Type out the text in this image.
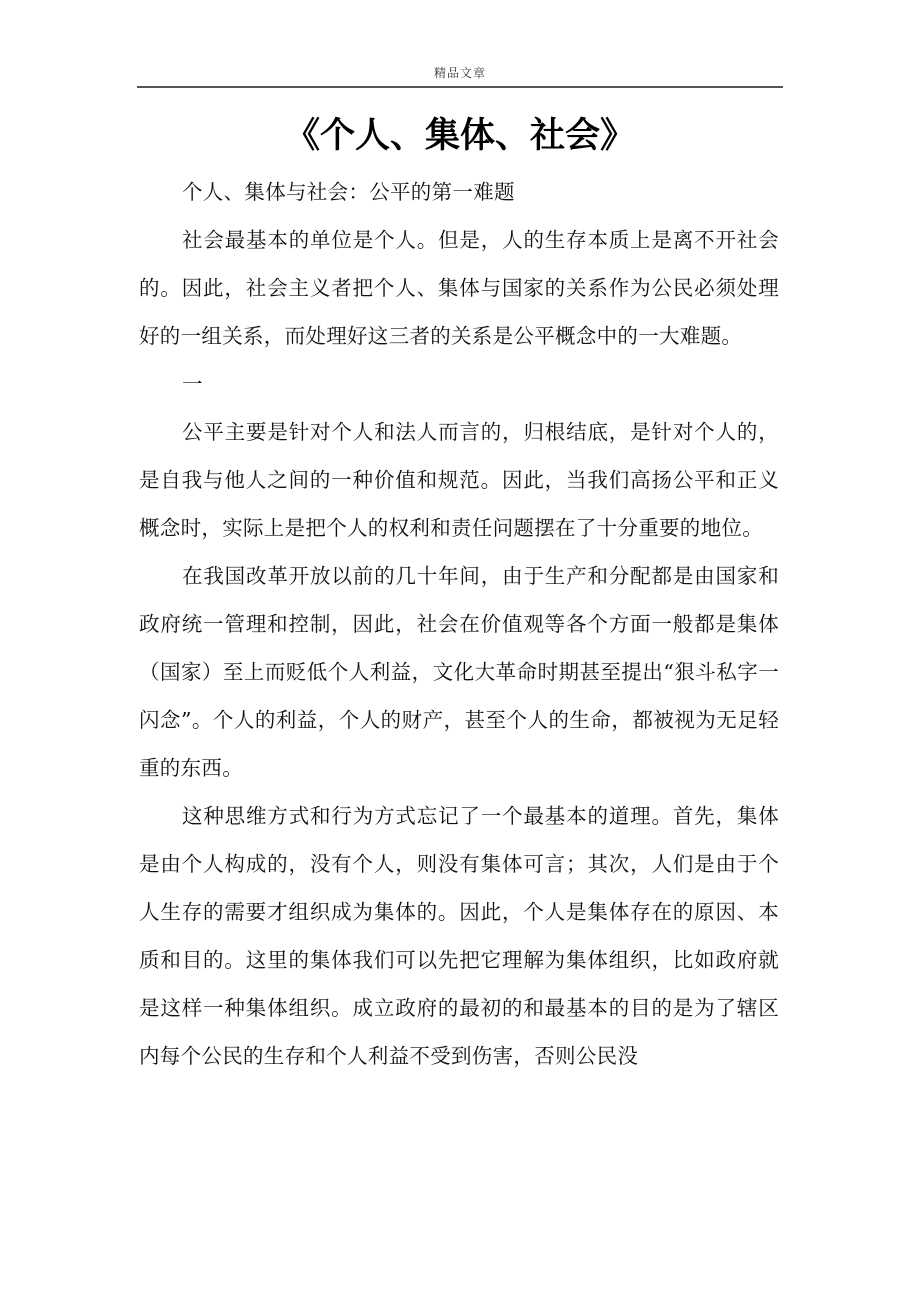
精品文章
《个人、集体、社会》

个人、集体与社会：公平的第一难题

社会最基本的单位是个人。但是，人的生存本质上是离不开社会的。因此，社会主义者把个人、集体与国家的关系作为公民必须处理好的一组关系，而处理好这三者的关系是公平概念中的一大难题。

一

公平主要是针对个人和法人而言的，归根结底，是针对个人的，是自我与他人之间的一种价值和规范。因此，当我们高扬公平和正义概念时，实际上是把个人的权利和责任问题摆在了十分重要的地位。

在我国改革开放以前的几十年间，由于生产和分配都是由国家和政府统一管理和控制，因此，社会在价值观等各个方面一般都是集体（国家）至上而贬低个人利益，文化大革命时期甚至提出“狠斗私字一闪念”。个人的利益，个人的财产，甚至个人的生命，都被视为无足轻重的东西。

这种思维方式和行为方式忘记了一个最基本的道理。首先，集体是由个人构成的，没有个人，则没有集体可言；其次，人们是由于个人生存的需要才组织成为集体的。因此，个人是集体存在的原因、本质和目的。这里的集体我们可以先把它理解为集体组织，比如政府就是这样一种集体组织。成立政府的最初的和最基本的目的是为了辖区内每个公民的生存和个人利益不受到伤害，否则公民没
